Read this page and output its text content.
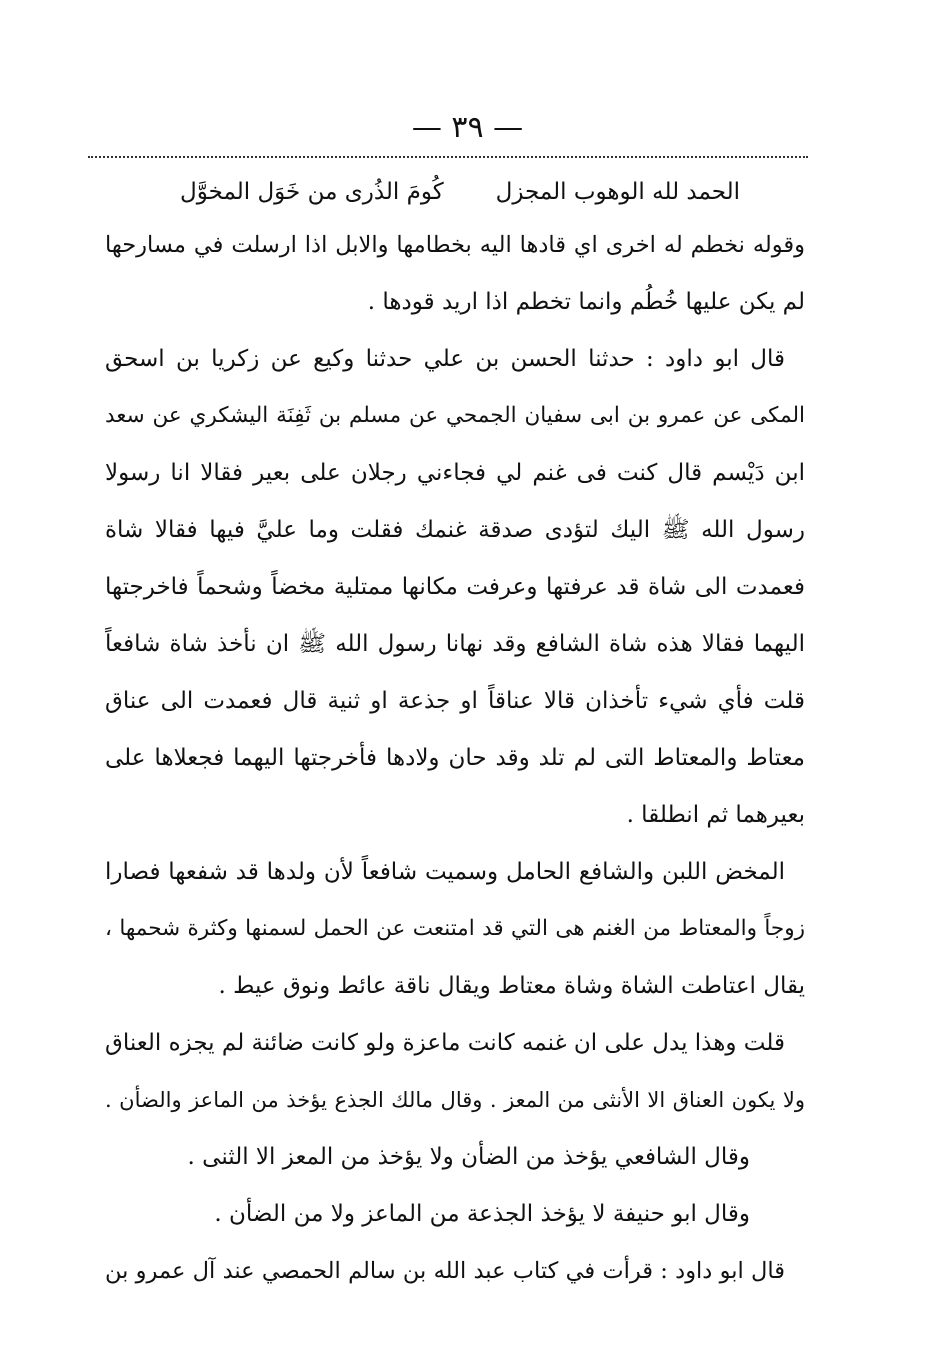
— ٣٩ —
الحمد لله الوهوب المجزل
كُومَ الذُرى من خَوَل المخوَّل
وقوله نخطم له اخرى اي قادها اليه بخطامها والابل اذا ارسلت في مسارحها
لم يكن عليها خُطُم وانما تخطم اذا اريد قودها .
قال ابو داود : حدثنا الحسن بن علي حدثنا وكيع عن زكريا بن اسحق
المكى عن عمرو بن ابى سفيان الجمحي عن مسلم بن ثَفِنَة اليشكري عن سعد
ابن دَيْسم قال كنت فى غنم لي فجاءني رجلان على بعير فقالا انا رسولا
رسول الله ﷺ اليك لتؤدى صدقة غنمك فقلت وما عليَّ فيها فقالا شاة
فعمدت الى شاة قد عرفتها وعرفت مكانها ممتلية مخضاً وشحماً فاخرجتها
اليهما فقالا هذه شاة الشافع وقد نهانا رسول الله ﷺ ان نأخذ شاة شافعاً
قلت فأي شيء تأخذان قالا عناقاً او جذعة او ثنية قال فعمدت الى عناق
معتاط والمعتاط التى لم تلد وقد حان ولادها فأخرجتها اليهما فجعلاها على
بعيرهما ثم انطلقا .
المخض اللبن والشافع الحامل وسميت شافعاً لأن ولدها قد شفعها فصارا
زوجاً والمعتاط من الغنم هى التي قد امتنعت عن الحمل لسمنها وكثرة شحمها ،
يقال اعتاطت الشاة وشاة معتاط ويقال ناقة عائط ونوق عيط .
قلت وهذا يدل على ان غنمه كانت ماعزة ولو كانت ضائنة لم يجزه العناق
ولا يكون العناق الا الأنثى من المعز . وقال مالك الجذع يؤخذ من الماعز والضأن .
وقال الشافعي يؤخذ من الضأن ولا يؤخذ من المعز الا الثنى .
وقال ابو حنيفة لا يؤخذ الجذعة من الماعز ولا من الضأن .
قال ابو داود : قرأت في كتاب عبد الله بن سالم الحمصي عند آل عمرو بن
